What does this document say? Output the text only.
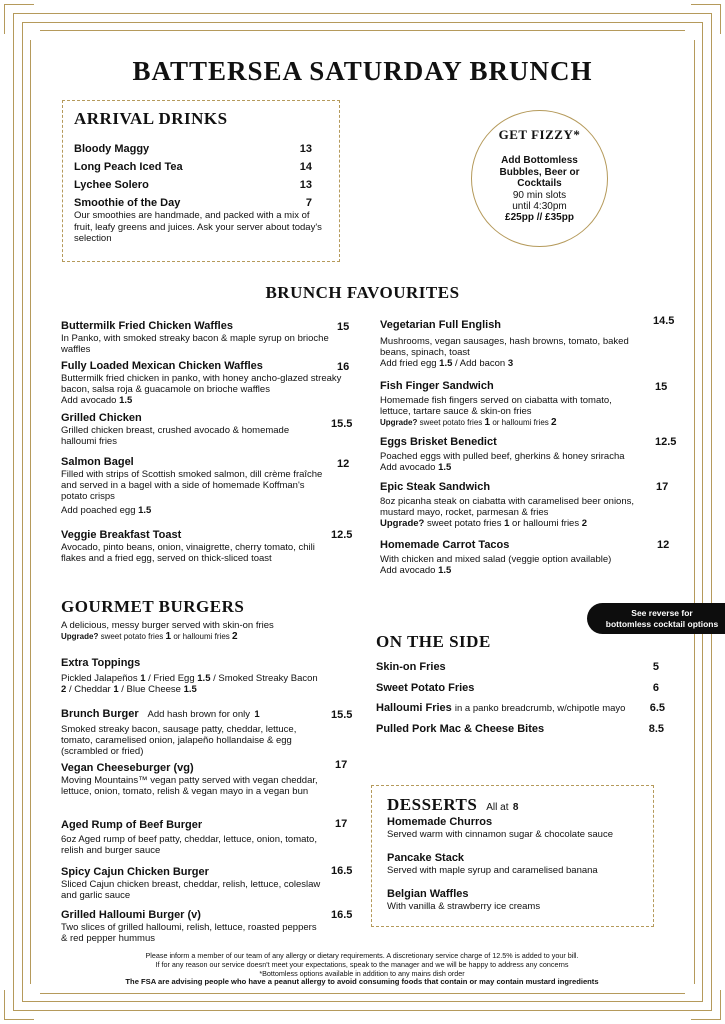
BATTERSEA SATURDAY BRUNCH
ARRIVAL DRINKS
Bloody Maggy	13
Long Peach Iced Tea	14
Lychee Solero	13
Smoothie of the Day	7
Our smoothies are handmade, and packed with a mix of fruit, leafy greens and juices. Ask your server about today's selection
GET FIZZY*
Add Bottomless
Bubbles, Beer or
Cocktails
90 min slots
until 4:30pm
£25pp // £35pp
BRUNCH FAVOURITES
Buttermilk Fried Chicken Waffles
In Panko, with smoked streaky bacon & maple syrup on brioche waffles
15
Fully Loaded Mexican Chicken Waffles
Buttermilk fried chicken in panko, with honey ancho-glazed streaky bacon, salsa roja & guacamole on brioche waffles
Add avocado 1.5
16
Grilled Chicken
Grilled chicken breast, crushed avocado & homemade halloumi fries
15.5
Salmon Bagel
Filled with strips of Scottish smoked salmon, dill crème fraîche and served in a bagel with a side of homemade Koffman's potato crisps
Add poached egg 1.5
12
Veggie Breakfast Toast
Avocado, pinto beans, onion, vinaigrette, cherry tomato, chili flakes and a fried egg, served on thick-sliced toast
12.5
Vegetarian Full English
Mushrooms, vegan sausages, hash browns, tomato, baked beans, spinach, toast
Add fried egg 1.5 / Add bacon 3
14.5
Fish Finger Sandwich
Homemade fish fingers served on ciabatta with tomato, lettuce, tartare sauce & skin-on fries
Upgrade? sweet potato fries 1 or halloumi fries 2
15
Eggs Brisket Benedict
Poached eggs with pulled beef, gherkins & honey sriracha
Add avocado 1.5
12.5
Epic Steak Sandwich
8oz picanha steak on ciabatta with caramelised beer onions, mustard mayo, rocket, parmesan & fries
Upgrade? sweet potato fries 1 or halloumi fries 2
17
Homemade Carrot Tacos
With chicken and mixed salad (veggie option available)
Add avocado 1.5
12
GOURMET BURGERS
A delicious, messy burger served with skin-on fries
Upgrade? sweet potato fries 1 or halloumi fries 2
Extra Toppings
Pickled Jalapeños 1 / Fried Egg 1.5 / Smoked Streaky Bacon 2 / Cheddar 1 / Blue Cheese 1.5
Brunch Burger Add hash brown for only 1
Smoked streaky bacon, sausage patty, cheddar, lettuce, tomato, caramelised onion, jalapeño hollandaise & egg (scrambled or fried)
15.5
Vegan Cheeseburger (vg)
Moving Mountains™ vegan patty served with vegan cheddar, lettuce, onion, tomato, relish & vegan mayo in a vegan bun
17
Aged Rump of Beef Burger
6oz Aged rump of beef patty, cheddar, lettuce, onion, tomato, relish and burger sauce
17
Spicy Cajun Chicken Burger
Sliced Cajun chicken breast, cheddar, relish, lettuce, coleslaw and garlic sauce
16.5
Grilled Halloumi Burger (v)
Two slices of grilled halloumi, relish, lettuce, roasted peppers & red pepper hummus
16.5
See reverse for
bottomless cocktail options
ON THE SIDE
Skin-on Fries	5
Sweet Potato Fries	6
Halloumi Fries in a panko breadcrumb, w/chipotle mayo 6.5
Pulled Pork Mac & Cheese Bites	8.5
DESSERTS All at 8
Homemade Churros
Served warm with cinnamon sugar & chocolate sauce
Pancake Stack
Served with maple syrup and caramelised banana
Belgian Waffles
With vanilla & strawberry ice creams
Please inform a member of our team of any allergy or dietary requirements. A discretionary service charge of 12.5% is added to your bill.
If for any reason our service doesn't meet your expectations, speak to the manager and we will be happy to address any concerns
*Bottomless options available in addition to any mains dish order
The FSA are advising people who have a peanut allergy to avoid consuming foods that contain or may contain mustard ingredients
